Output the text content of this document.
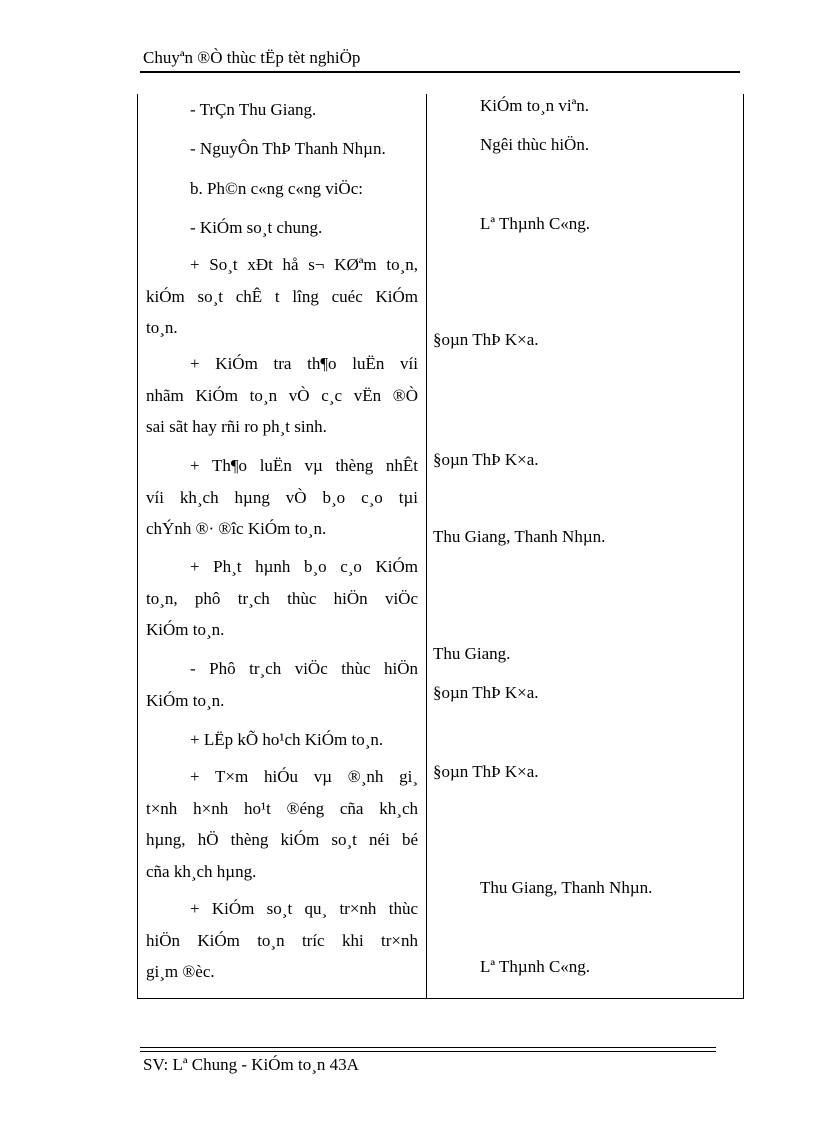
Chuyªn ®Ò thùc tËp tèt nghiÖp
- TrÇn Thu Giang.
- NguyÔn ThÞ Thanh Nhµn.
b. Ph©n c«ng c«ng viÖc:
- KiÓm so¸t chung.
+ So¸t xÐt hå s¬ KØªm to¸n,
kiÓm so¸t chÊ t lîng cuéc KiÓm
to¸n.
+ KiÓm tra th¶o luËn víi
nhãm KiÓm to¸n vÒ c¸c vËn ®Ò
sai sãt hay rñi ro ph¸t sinh.
+ Th¶o luËn vµ thèng nhÊt
víi kh¸ch hµng vÒ b¸o c¸o tµi
chÝnh ®· ®îc KiÓm to¸n.
+ Ph¸t hµnh b¸o c¸o KiÓm
to¸n, phô tr¸ch thùc hiÖn viÖc
KiÓm to¸n.
- Phô tr¸ch viÖc thùc hiÖn
KiÓm to¸n.
+ LËp kÕ ho¹ch KiÓm to¸n.
+ T×m hiÓu vµ ®¸nh gi¸
t×nh h×nh ho¹t ®éng cña kh¸ch
hµng, hÖ thèng kiÓm so¸t néi bé
cña kh¸ch hµng.
+ KiÓm so¸t qu¸ tr×nh thùc
hiÖn KiÓm to¸n tríc khi tr×nh
gi¸m ®èc.
KiÓm to¸n viªn.
Ngêi thùc hiÖn.
Lª Thµnh C«ng.
§oµn ThÞ K×a.
§oµn ThÞ K×a.
Thu Giang, Thanh Nhµn.
Thu Giang.
§oµn ThÞ K×a.
§oµn ThÞ K×a.
Thu Giang, Thanh Nhµn.
Lª Thµnh C«ng.
SV: Lª Chung - KiÓm to¸n 43A
